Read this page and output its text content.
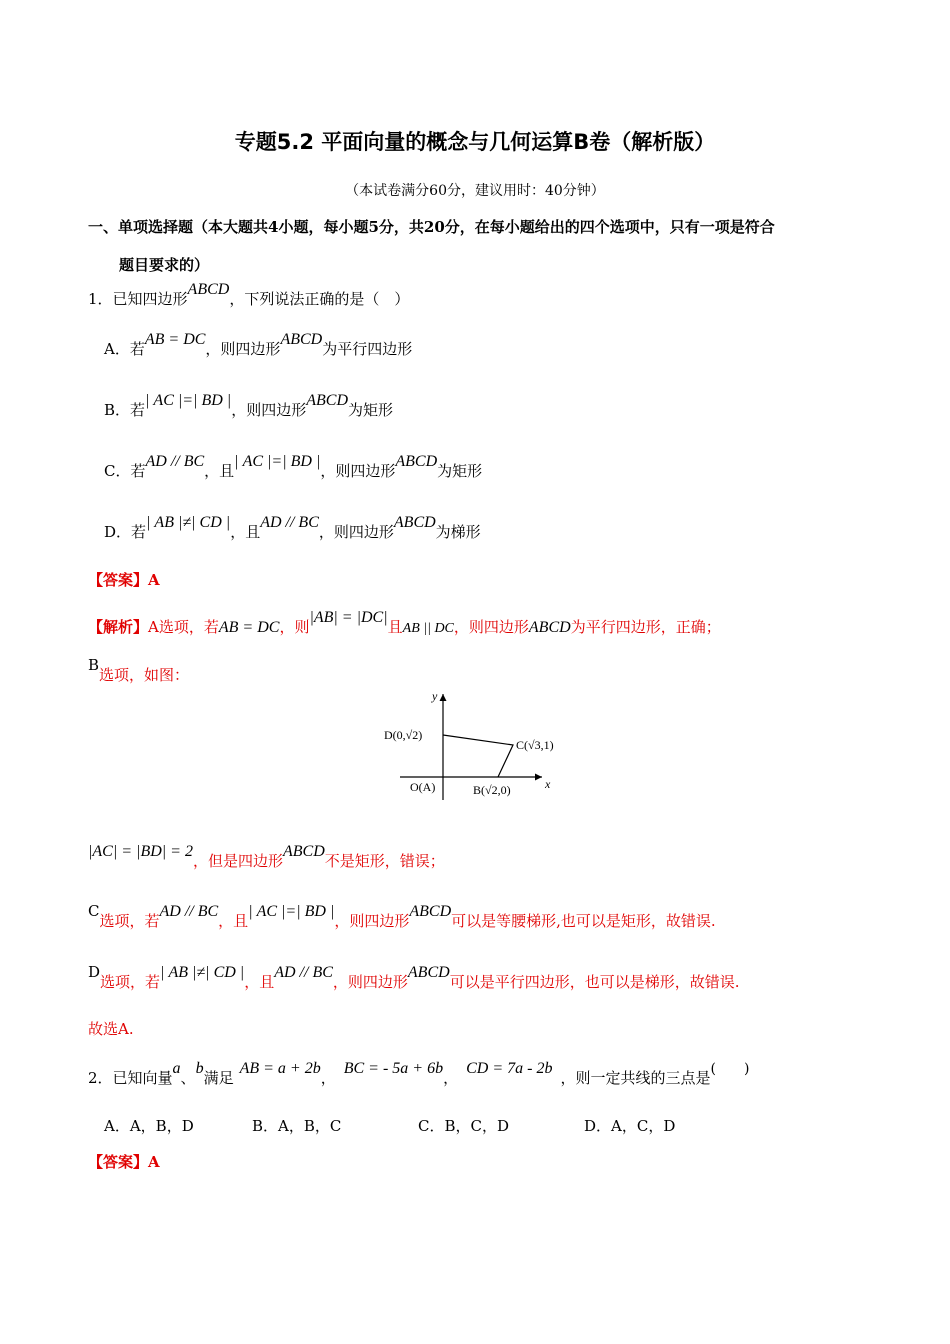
专题5.2 平面向量的概念与几何运算B卷（解析版）
（本试卷满分60分，建议用时：40分钟）
一、单项选择题（本大题共4小题，每小题5分，共20分，在每小题给出的四个选项中，只有一项是符合
题目要求的）
1．已知四边形ABCD，下列说法正确的是（　）
A．若AB = DC，则四边形ABCD为平行四边形
B．若| AC |=| BD |，则四边形ABCD为矩形
C．若AD // BC，且| AC |=| BD |，则四边形ABCD为矩形
D．若| AB |≠| CD |，且AD // BC，则四边形ABCD为梯形
【答案】A
【解析】A选项，若AB = DC，则|AB| = |DC|且AB || DC，则四边形ABCD为平行四边形，正确；
B选项，如图：
y
x
D(0,√2)
C(√3,1)
O(A)	B(√2,0)
|AC| = |BD| = 2，但是四边形ABCD不是矩形，错误；
C选项，若AD // BC，且| AC |=| BD |，则四边形ABCD可以是等腰梯形,也可以是矩形，故错误.
D选项，若| AB |≠| CD |，且AD // BC，则四边形ABCD可以是平行四边形，也可以是梯形，故错误.
故选A.
2．已知向量a、b满足AB = a + 2b，BC = - 5a + 6b，CD = 7a - 2b，则一定共线的三点是(　　)
A．A，B，D	B．A，B，C	C．B，C，D	D．A，C，D
【答案】A
